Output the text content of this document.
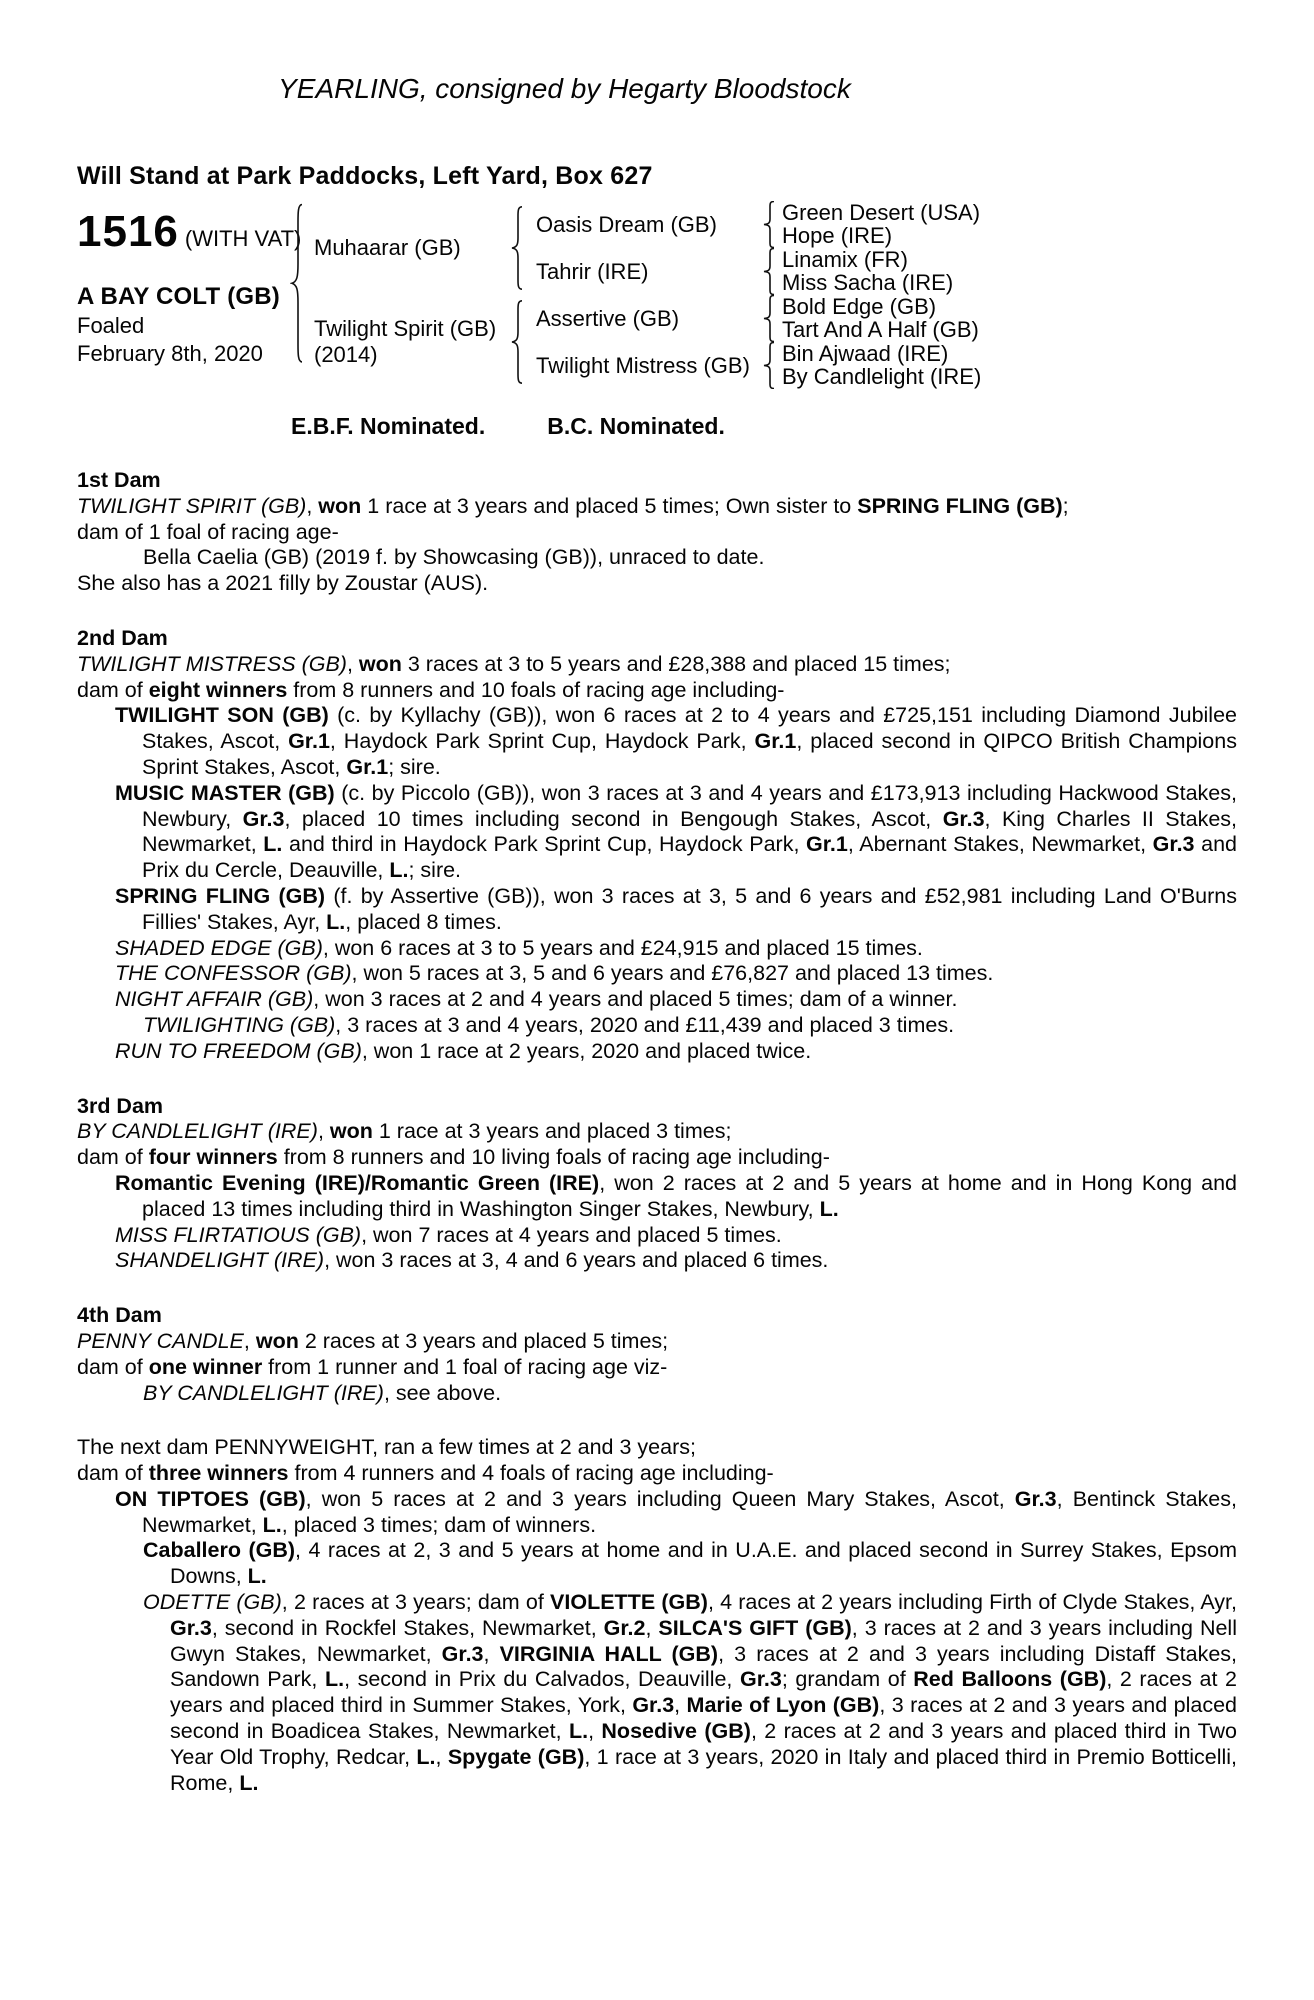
YEARLING, consigned by Hegarty Bloodstock
Will Stand at Park Paddocks, Left Yard, Box 627
1516 (WITH VAT)
A BAY COLT (GB)
Foaled
February 8th, 2020
Muhaarar (GB)
Twilight Spirit (GB)
(2014)
Oasis Dream (GB)
Tahrir (IRE)
Assertive (GB)
Twilight Mistress (GB)
Green Desert (USA)
Hope (IRE)
Linamix (FR)
Miss Sacha (IRE)
Bold Edge (GB)
Tart And A Half (GB)
Bin Ajwaad (IRE)
By Candlelight (IRE)
E.B.F. Nominated.	B.C. Nominated.
1st Dam

TWILIGHT SPIRIT (GB), won 1 race at 3 years and placed 5 times; Own sister to SPRING FLING (GB);

dam of 1 foal of racing age-

Bella Caelia (GB) (2019 f. by Showcasing (GB)), unraced to date.

She also has a 2021 filly by Zoustar (AUS).

2nd Dam

TWILIGHT MISTRESS (GB), won 3 races at 3 to 5 years and £28,388 and placed 15 times;

dam of eight winners from 8 runners and 10 foals of racing age including-

TWILIGHT SON (GB) (c. by Kyllachy (GB)), won 6 races at 2 to 4 years and £725,151 including Diamond Jubilee Stakes, Ascot, Gr.1, Haydock Park Sprint Cup, Haydock Park, Gr.1, placed second in QIPCO British Champions Sprint Stakes, Ascot, Gr.1; sire.

MUSIC MASTER (GB) (c. by Piccolo (GB)), won 3 races at 3 and 4 years and £173,913 including Hackwood Stakes, Newbury, Gr.3, placed 10 times including second in Bengough Stakes, Ascot, Gr.3, King Charles II Stakes, Newmarket, L. and third in Haydock Park Sprint Cup, Haydock Park, Gr.1, Abernant Stakes, Newmarket, Gr.3 and Prix du Cercle, Deauville, L.; sire.

SPRING FLING (GB) (f. by Assertive (GB)), won 3 races at 3, 5 and 6 years and £52,981 including Land O'Burns Fillies' Stakes, Ayr, L., placed 8 times.

SHADED EDGE (GB), won 6 races at 3 to 5 years and £24,915 and placed 15 times.

THE CONFESSOR (GB), won 5 races at 3, 5 and 6 years and £76,827 and placed 13 times.

NIGHT AFFAIR (GB), won 3 races at 2 and 4 years and placed 5 times; dam of a winner.

TWILIGHTING (GB), 3 races at 3 and 4 years, 2020 and £11,439 and placed 3 times.

RUN TO FREEDOM (GB), won 1 race at 2 years, 2020 and placed twice.

3rd Dam

BY CANDLELIGHT (IRE), won 1 race at 3 years and placed 3 times;

dam of four winners from 8 runners and 10 living foals of racing age including-

Romantic Evening (IRE)/Romantic Green (IRE), won 2 races at 2 and 5 years at home and in Hong Kong and placed 13 times including third in Washington Singer Stakes, Newbury, L.

MISS FLIRTATIOUS (GB), won 7 races at 4 years and placed 5 times.

SHANDELIGHT (IRE), won 3 races at 3, 4 and 6 years and placed 6 times.

4th Dam

PENNY CANDLE, won 2 races at 3 years and placed 5 times;

dam of one winner from 1 runner and 1 foal of racing age viz-

BY CANDLELIGHT (IRE), see above.

The next dam PENNYWEIGHT, ran a few times at 2 and 3 years;

dam of three winners from 4 runners and 4 foals of racing age including-

ON TIPTOES (GB), won 5 races at 2 and 3 years including Queen Mary Stakes, Ascot, Gr.3, Bentinck Stakes, Newmarket, L., placed 3 times; dam of winners.

Caballero (GB), 4 races at 2, 3 and 5 years at home and in U.A.E. and placed second in Surrey Stakes, Epsom Downs, L.

ODETTE (GB), 2 races at 3 years; dam of VIOLETTE (GB), 4 races at 2 years including Firth of Clyde Stakes, Ayr, Gr.3, second in Rockfel Stakes, Newmarket, Gr.2, SILCA'S GIFT (GB), 3 races at 2 and 3 years including Nell Gwyn Stakes, Newmarket, Gr.3, VIRGINIA HALL (GB), 3 races at 2 and 3 years including Distaff Stakes, Sandown Park, L., second in Prix du Calvados, Deauville, Gr.3; grandam of Red Balloons (GB), 2 races at 2 years and placed third in Summer Stakes, York, Gr.3, Marie of Lyon (GB), 3 races at 2 and 3 years and placed second in Boadicea Stakes, Newmarket, L., Nosedive (GB), 2 races at 2 and 3 years and placed third in Two Year Old Trophy, Redcar, L., Spygate (GB), 1 race at 3 years, 2020 in Italy and placed third in Premio Botticelli, Rome, L.
